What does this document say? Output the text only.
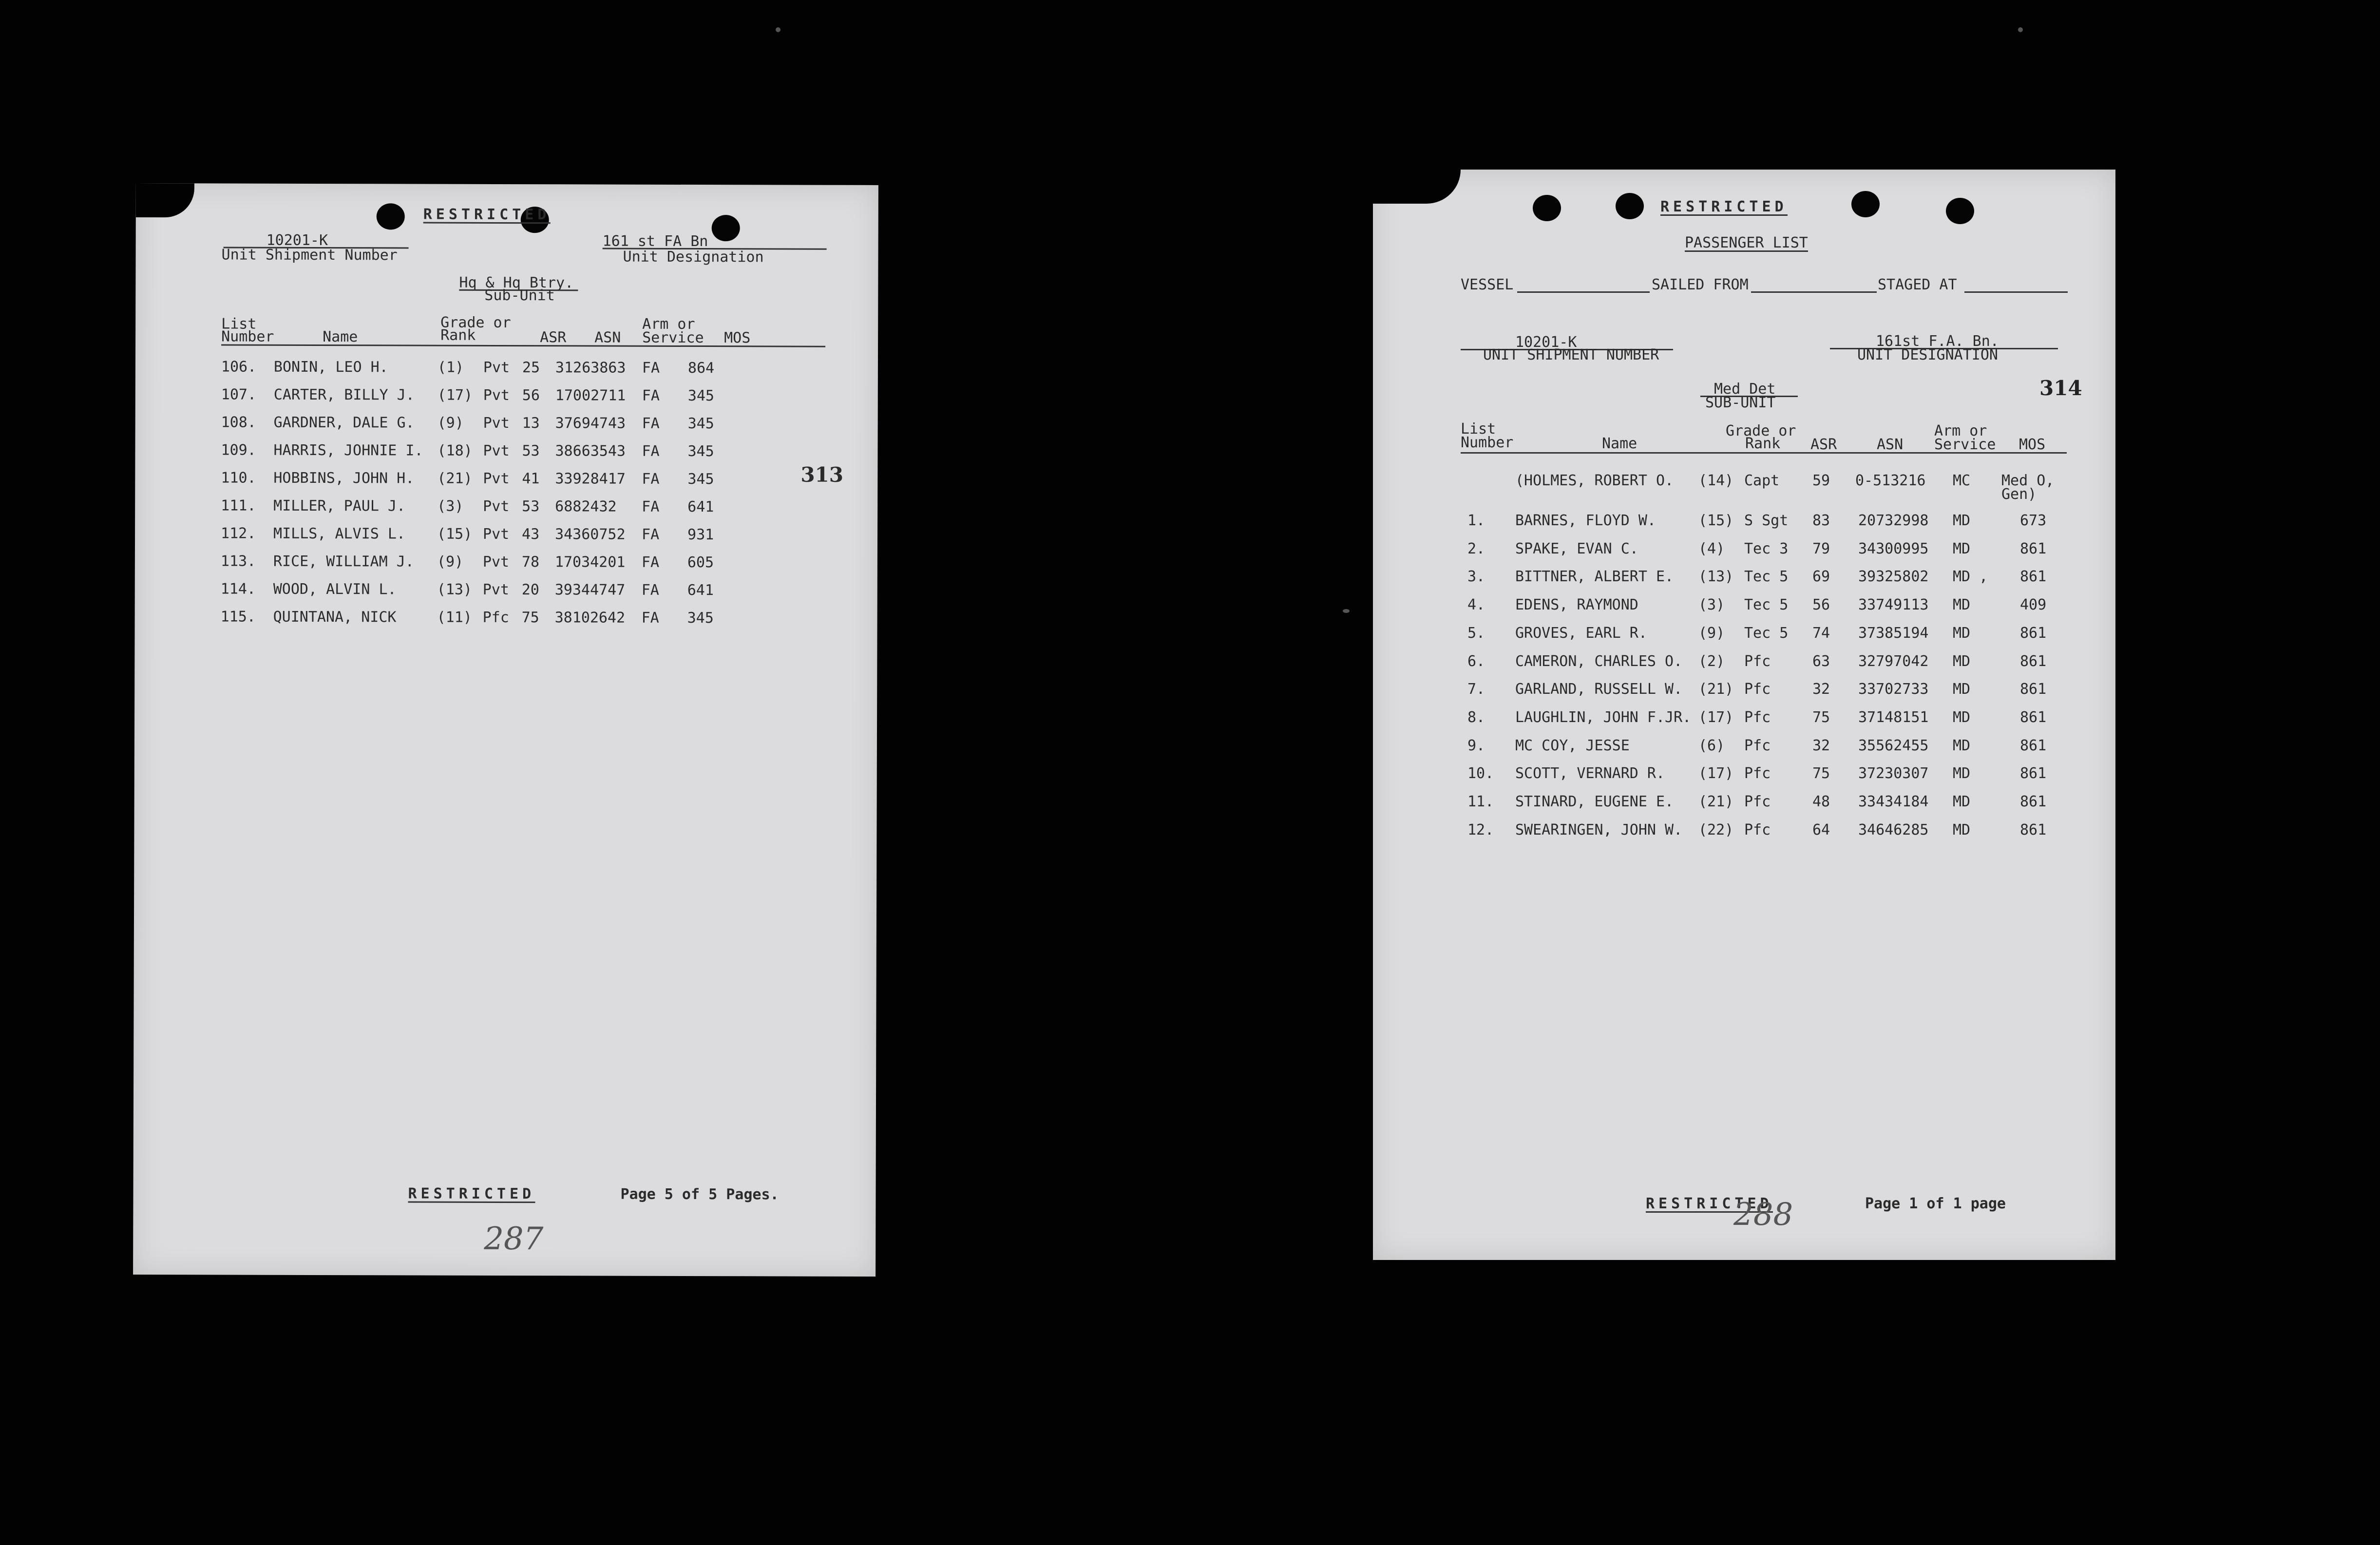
RESTRICTED
10201-K
Unit Shipment Number
161 st FA Bn
Unit Designation
Hq & Hq Btry.
Sub-Unit
List
Number	Name
Grade or
Rank	ASR ASN
Arm or
Service MOS
106. BONIN, LEO H.	(1) Pvt 25 31263863 FA 864
107. CARTER, BILLY J. (17) Pvt 56 17002711 FA 345
108. GARDNER, DALE G. (9) Pvt 13 37694743 FA 345
109. HARRIS, JOHNIE I. (18) Pvt 53 38663543 FA 345
110. HOBBINS, JOHN H. (21) Pvt 41 33928417 FA 345
111. MILLER, PAUL J. (3) Pvt 53 6882432 FA 641
112. MILLS, ALVIS L. (15) Pvt 43 34360752 FA 931
113. RICE, WILLIAM J. (9) Pvt 78 17034201 FA 605
114. WOOD, ALVIN L.	(13) Pvt 20 39344747 FA 641
115. QUINTANA, NICK	(11) Pfc 75 38102642 FA 345
313
RESTRICTED	Page 5 of 5 Pages.
287
RESTRICTED
PASSENGER LIST
VESSEL	SAILED FROM	STAGED AT
10201-K
UNIT SHIPMENT NUMBER
161st F.A. Bn.
UNIT DESIGNATION
Med Det
SUB-UNIT
314
List
Number	Name
Grade or
Rank ASR	ASN
Arm or
Service MOS
(HOLMES, ROBERT O. (14) Capt 59 0-513216 MC Med O,
Gen)
1. BARNES, FLOYD W.	(15) S Sgt 83 20732998 MD	673
2. SPAKE, EVAN C.	(4) Tec 3 79 34300995 MD	861
3. BITTNER, ALBERT E. (13) Tec 5 69 39325802 MD , 861
4. EDENS, RAYMOND	(3) Tec 5 56 33749113 MD	409
5. GROVES, EARL R.	(9) Tec 5 74 37385194 MD	861
6. CAMERON, CHARLES O. (2) Pfc	63 32797042 MD	861
7. GARLAND, RUSSELL W. (21) Pfc	32 33702733 MD	861
8. LAUGHLIN, JOHN F.JR. (17) Pfc	75 37148151 MD	861
9. MC COY, JESSE	(6) Pfc	32 35562455 MD	861
10. SCOTT, VERNARD R. (17) Pfc	75 37230307 MD	861
11. STINARD, EUGENE E. (21) Pfc	48 33434184 MD	861
12. SWEARINGEN, JOHN W. (22) Pfc	64 34646285 MD	861
RESTRICTED	Page 1 of 1 page
288
